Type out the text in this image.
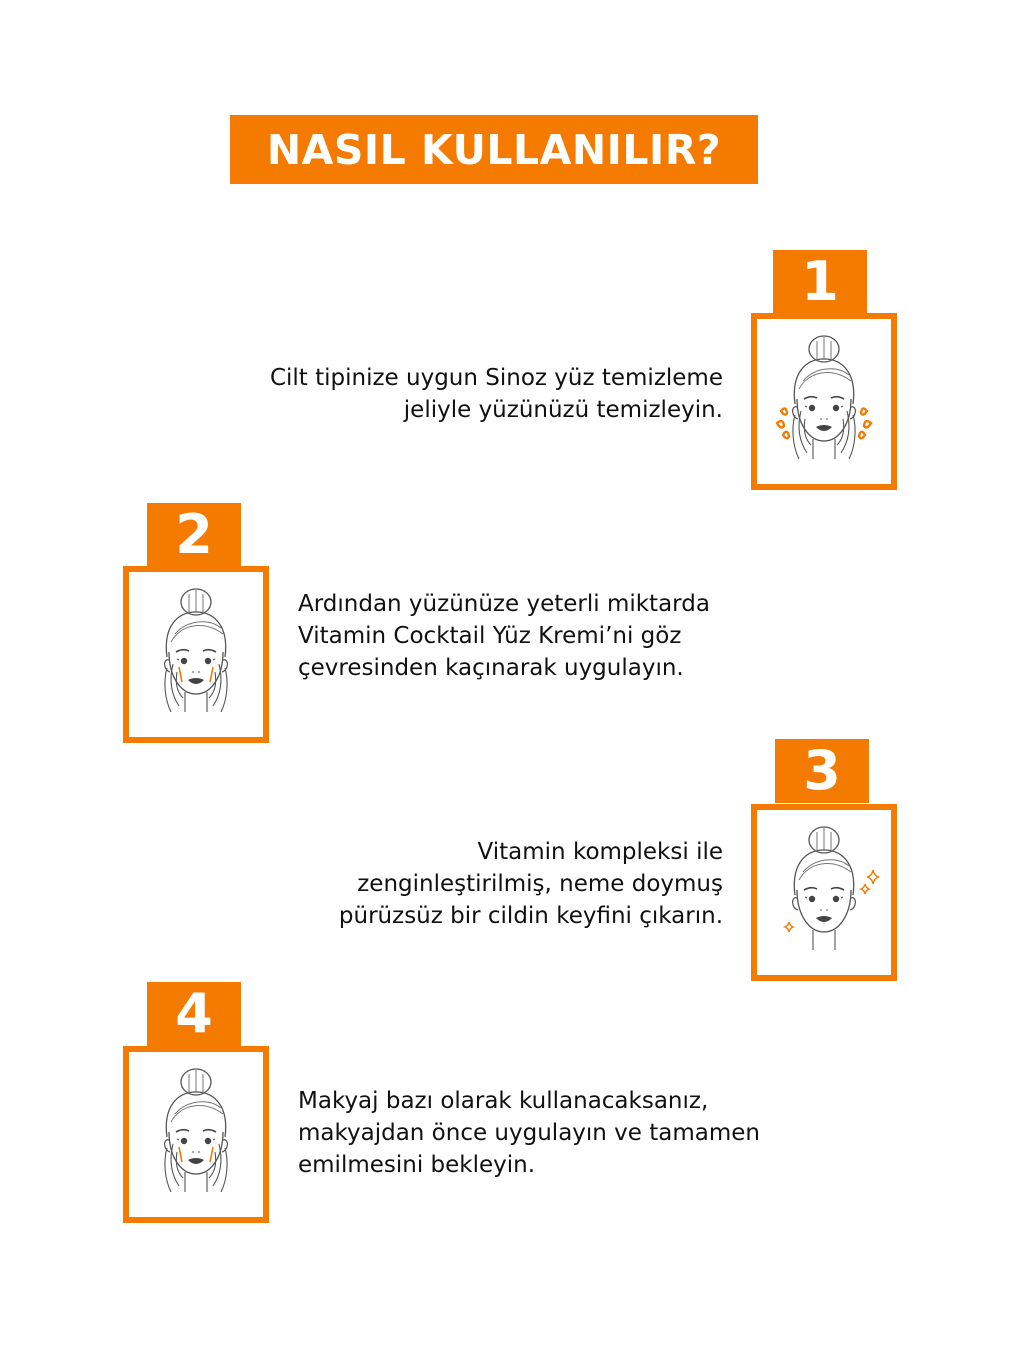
NASIL KULLANILIR?
1
Cilt tipinize uygun Sinoz yüz temizleme
jeliyle yüzünüzü temizleyin.
2
Ardından yüzünüze yeterli miktarda
Vitamin Cocktail Yüz Kremi’ni göz
çevresinden kaçınarak uygulayın.
3
Vitamin kompleksi ile
zenginleştirilmiş, neme doymuş
pürüzsüz bir cildin keyfini çıkarın.
4
Makyaj bazı olarak kullanacaksanız,
makyajdan önce uygulayın ve tamamen
emilmesini bekleyin.
